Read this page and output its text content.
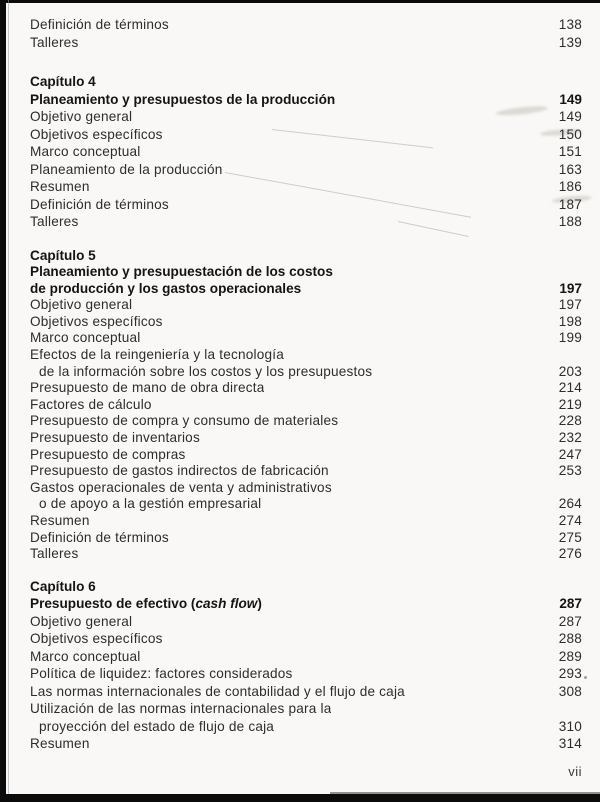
Definición de términos	138
Talleres	139
Capítulo 4
Planeamiento y presupuestos de la producción	149
Objetivo general	149
Objetivos específicos	150
Marco conceptual	151
Planeamiento de la producción	163
Resumen	186
Definición de términos	187
Talleres	188
Capítulo 5
Planeamiento y presupuestación de los costos
de producción y los gastos operacionales	197
Objetivo general	197
Objetivos específicos	198
Marco conceptual	199
Efectos de la reingeniería y la tecnología
de la información sobre los costos y los presupuestos	203
Presupuesto de mano de obra directa	214
Factores de cálculo	219
Presupuesto de compra y consumo de materiales	228
Presupuesto de inventarios	232
Presupuesto de compras	247
Presupuesto de gastos indirectos de fabricación	253
Gastos operacionales de venta y administrativos
o de apoyo a la gestión empresarial	264
Resumen	274
Definición de términos	275
Talleres	276
Capítulo 6
Presupuesto de efectivo (cash flow)	287
Objetivo general	287
Objetivos específicos	288
Marco conceptual	289
Política de liquidez: factores considerados	293
Las normas internacionales de contabilidad y el flujo de caja	308
Utilización de las normas internacionales para la
proyección del estado de flujo de caja	310
Resumen	314
vii
